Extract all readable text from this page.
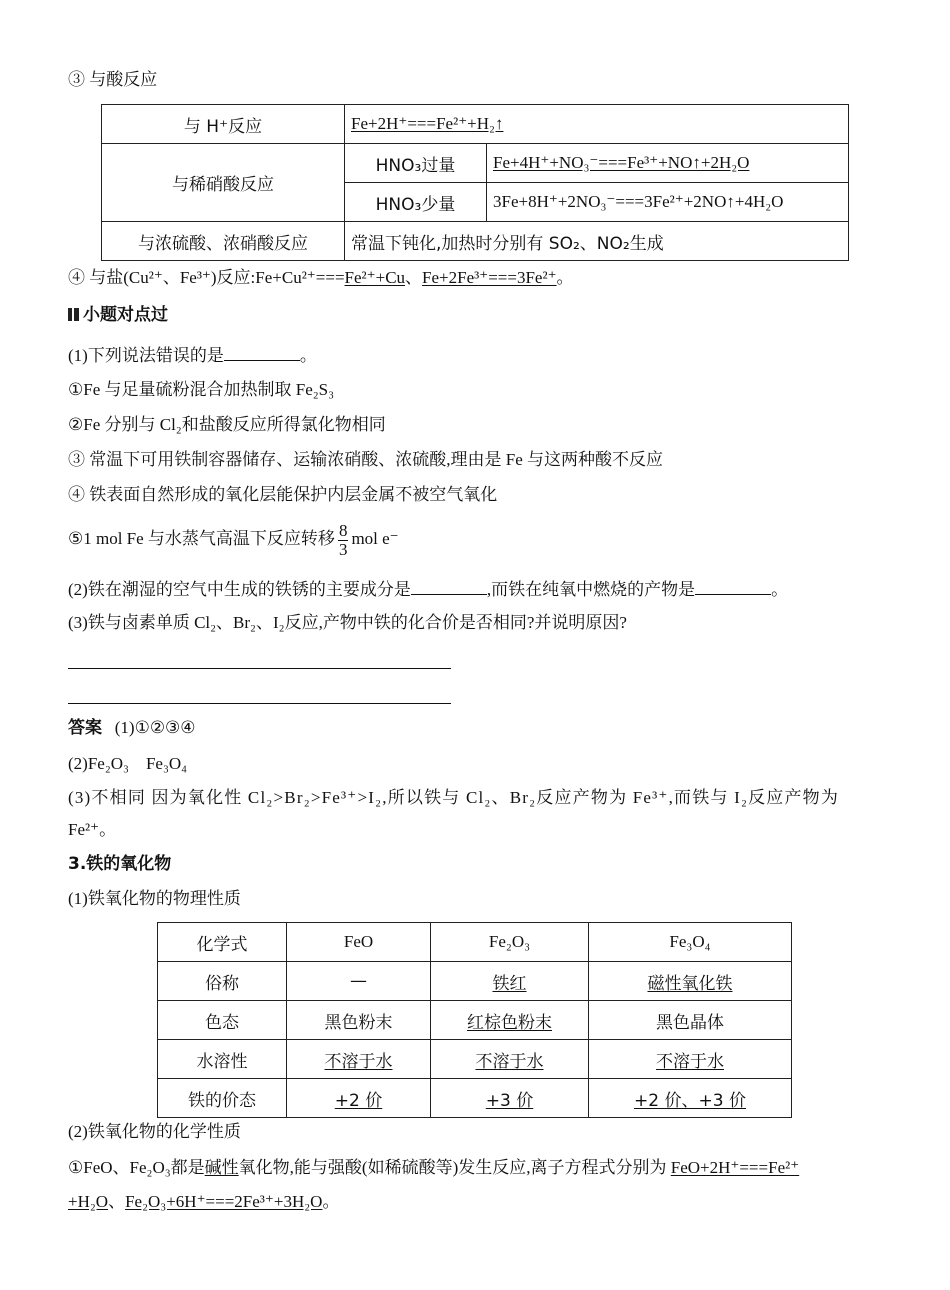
③ 与酸反应
与 H⁺反应	Fe+2H⁺===Fe²⁺+H₂↑	
与稀硝酸反应	HNO₃过量	Fe+4H⁺+NO₃⁻===Fe³⁺+NO↑+2H₂O
	HNO₃少量	3Fe+8H⁺+2NO₃⁻===3Fe²⁺+2NO↑+4H₂O
与浓硫酸、浓硝酸反应	常温下钝化,加热时分别有 SO₂、NO₂生成	
④ 与盐(Cu²⁺、Fe³⁺)反应:Fe+Cu²⁺===Fe²⁺+Cu、Fe+2Fe³⁺===3Fe²⁺。
小题对点过
(1)下列说法错误的是	。
①Fe 与足量硫粉混合加热制取 Fe₂S₃
②Fe 分别与 Cl₂和盐酸反应所得氯化物相同
③ 常温下可用铁制容器储存、运输浓硝酸、浓硫酸,理由是 Fe 与这两种酸不反应
④ 铁表面自然形成的氧化层能保护内层金属不被空气氧化
⑤1 mol Fe 与水蒸气高温下反应转移 $\frac{8}{3}$ mol e⁻
(2)铁在潮湿的空气中生成的铁锈的主要成分是	,而铁在纯氧中燃烧的产物是	。
(3)铁与卤素单质 Cl₂、Br₂、I₂反应,产物中铁的化合价是否相同?并说明原因?
答案 (1)①②③④
(2)Fe₂O₃　Fe₃O₄
(3)不相同 因为氧化性 Cl₂>Br₂>Fe³⁺>I₂,所以铁与 Cl₂、Br₂反应产物为 Fe³⁺,而铁与 I₂反应产物为
Fe²⁺。
3.铁的氧化物
(1)铁氧化物的物理性质
化学式	FeO	Fe₂O₃	Fe₃O₄
俗称	—	铁红	磁性氧化铁
色态	黑色粉末	红棕色粉末	黑色晶体
水溶性	不溶于水	不溶于水	不溶于水
铁的价态	+2 价	+3 价	+2 价、+3 价
(2)铁氧化物的化学性质
①FeO、Fe₂O₃都是碱性氧化物,能与强酸(如稀硫酸等)发生反应,离子方程式分别为 FeO+2H⁺===Fe²⁺
+H₂O、Fe₂O₃+6H⁺===2Fe³⁺+3H₂O。
